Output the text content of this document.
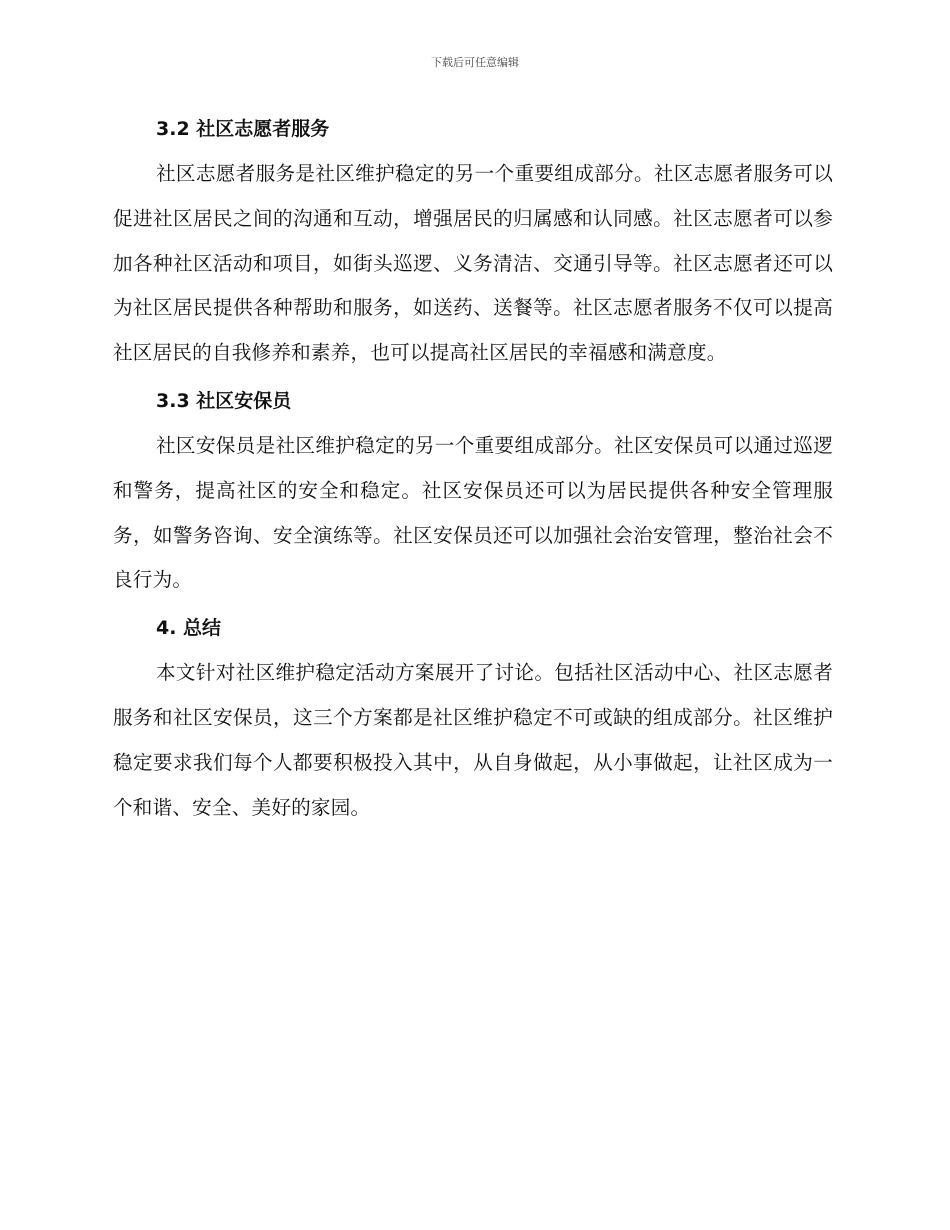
下载后可任意编辑
3.2 社区志愿者服务

社区志愿者服务是社区维护稳定的另一个重要组成部分。社区志愿者服务可以促进社区居民之间的沟通和互动，增强居民的归属感和认同感。社区志愿者可以参加各种社区活动和项目，如街头巡逻、义务清洁、交通引导等。社区志愿者还可以为社区居民提供各种帮助和服务，如送药、送餐等。社区志愿者服务不仅可以提高社区居民的自我修养和素养，也可以提高社区居民的幸福感和满意度。

3.3 社区安保员

社区安保员是社区维护稳定的另一个重要组成部分。社区安保员可以通过巡逻和警务，提高社区的安全和稳定。社区安保员还可以为居民提供各种安全管理服务，如警务咨询、安全演练等。社区安保员还可以加强社会治安管理，整治社会不良行为。

4. 总结

本文针对社区维护稳定活动方案展开了讨论。包括社区活动中心、社区志愿者服务和社区安保员，这三个方案都是社区维护稳定不可或缺的组成部分。社区维护稳定要求我们每个人都要积极投入其中，从自身做起，从小事做起，让社区成为一个和谐、安全、美好的家园。
